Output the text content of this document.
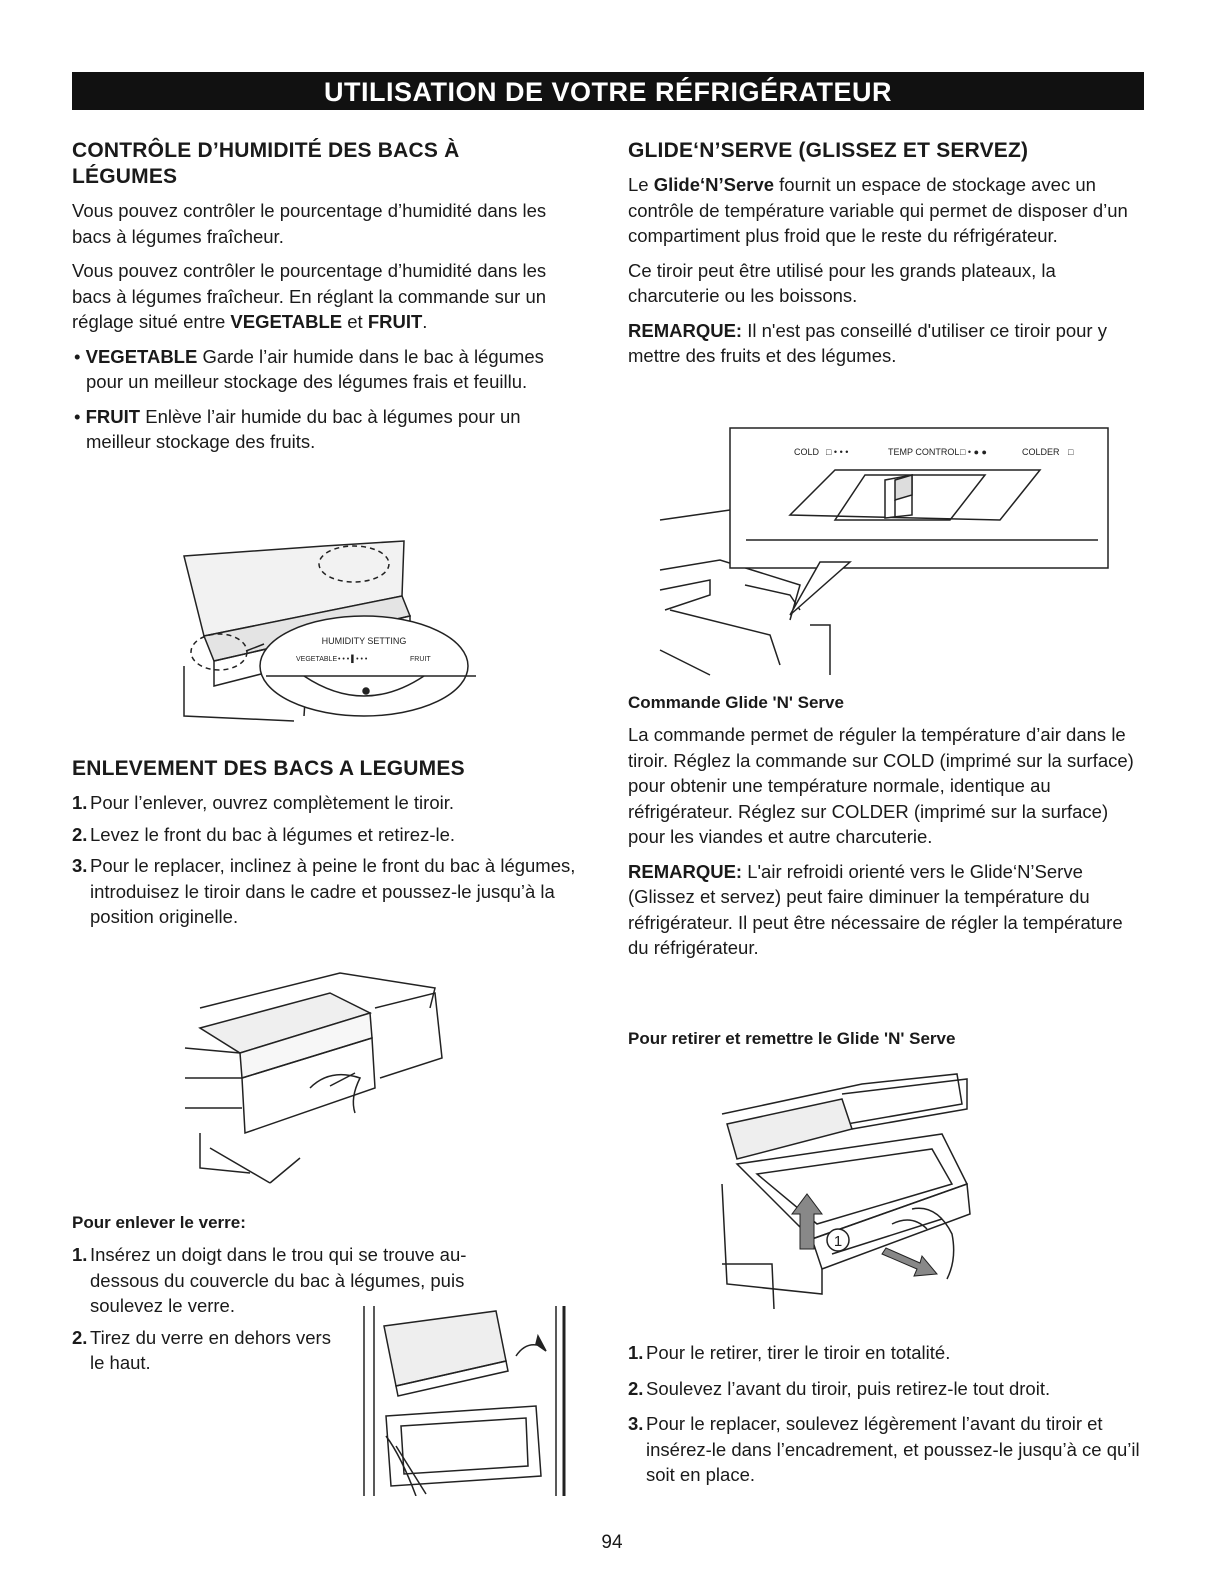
UTILISATION DE VOTRE RÉFRIGÉRATEUR
CONTRÔLE D’HUMIDITÉ DES BACS À
LÉGUMES

Vous pouvez contrôler le pourcentage d’humidité dans les bacs à légumes fraîcheur.

Vous pouvez contrôler le pourcentage d’humidité dans les bacs à légumes fraîcheur. En réglant la commande sur un réglage situé entre VEGETABLE et FRUIT.

• VEGETABLE Garde l’air humide dans le bac à légumes pour un meilleur stockage des légumes frais et feuillu.

• FRUIT Enlève l’air humide du bac à légumes pour un meilleur stockage des fruits.

HUMIDITY SETTING
VEGETABLE • • • ▌• • •	FRUIT
ENLEVEMENT DES BACS A LEGUMES
1. Pour l’enlever, ouvrez complètement le tiroir.
2. Levez le front du bac à légumes et retirez-le.
3. Pour le replacer, inclinez à peine le front du bac à légumes, introduisez le tiroir dans le cadre et poussez-le jusqu’à la position originelle.
Pour enlever le verre:
1. Insérez un doigt dans le trou qui se trouve au-dessous du couvercle du bac à légumes, puis soulevez le verre.
2. Tirez du verre en dehors vers le haut.
GLIDE‘N’SERVE (GLISSEZ ET SERVEZ)

Le Glide‘N’Serve fournit un espace de stockage avec un contrôle de température variable qui permet de disposer d’un compartiment plus froid que le reste du réfrigérateur.

Ce tiroir peut être utilisé pour les grands plateaux, la charcuterie ou les boissons.

REMARQUE: Il n'est pas conseillé d'utiliser ce tiroir pour y mettre des fruits et des légumes.

COLD □ • • •	TEMP CONTROL □ • ● ●	COLDER □
Commande Glide 'N' Serve

La commande permet de réguler la température d’air dans le tiroir. Réglez la commande sur COLD (imprimé sur la surface) pour obtenir une température normale, identique au réfrigérateur. Réglez sur COLDER (imprimé sur la surface) pour les viandes et autre charcuterie.

REMARQUE: L'air refroidi orienté vers le Glide‘N’Serve (Glissez et servez) peut faire diminuer la température du réfrigérateur. Il peut être nécessaire de régler la température du réfrigérateur.

Pour retirer et remettre le Glide 'N' Serve
1
1. Pour le retirer, tirer le tiroir en totalité.
2. Soulevez l’avant du tiroir, puis retirez-le tout droit.
3. Pour le replacer, soulevez légèrement l’avant du tiroir et insérez-le dans l’encadrement, et poussez-le jusqu’à ce qu’il soit en place.
94
